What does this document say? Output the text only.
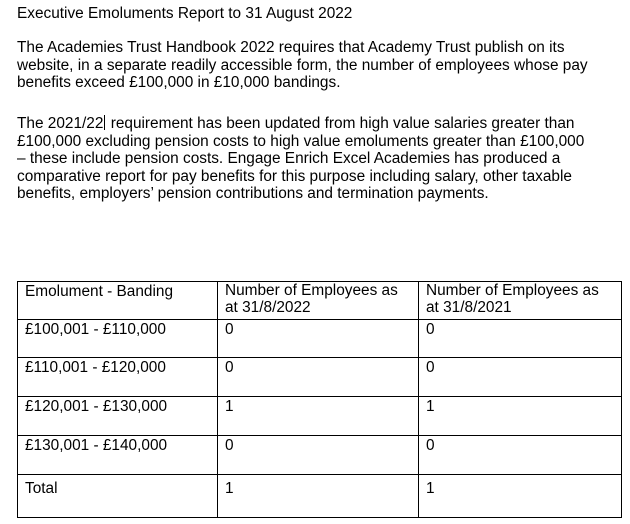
Executive Emoluments Report to 31 August 2022

The Academies Trust Handbook 2022 requires that Academy Trust publish on its
website, in a separate readily accessible form, the number of employees whose pay
benefits exceed £100,000 in £10,000 bandings.

The 2021/22 requirement has been updated from high value salaries greater than
£100,000 excluding pension costs to high value emoluments greater than £100,000
– these include pension costs. Engage Enrich Excel Academies has produced a
comparative report for pay benefits for this purpose including salary, other taxable
benefits, employers’ pension contributions and termination payments.

Emolument - Banding	Number of Employees as
at 31/8/2022	Number of Employees as
at 31/8/2021
£100,001 - £110,000	0	0
£110,001 - £120,000	0	0
£120,001 - £130,000	1	1
£130,001 - £140,000	0	0
Total	1	1
